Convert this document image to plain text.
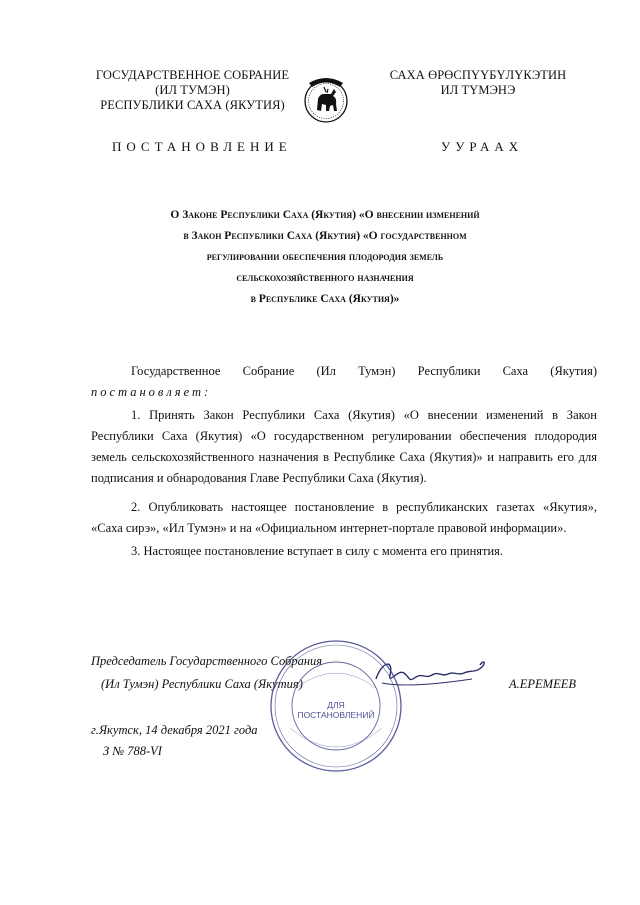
ГОСУДАРСТВЕННОЕ СОБРАНИЕ
(ИЛ ТУМЭН)
РЕСПУБЛИКИ САХА (ЯКУТИЯ)
САХА ӨРӨСПҮҮБҮЛҮКЭТИН
ИЛ ТҮМЭНЭ
ПОСТАНОВЛЕНИЕ	УУРААХ
О Законе Республики Саха (Якутия) «О внесении изменений
в Закон Республики Саха (Якутия) «О государственном
регулировании обеспечения плодородия земель
сельскохозяйственного назначения
в Республике Саха (Якутия)»
Государственное Собрание (Ил Тумэн) Республики Саха (Якутия)
постановляет:
1. Принять Закон Республики Саха (Якутия) «О внесении изменений в Закон Республики Саха (Якутия) «О государственном регулировании обеспечения плодородия земель сельскохозяйственного назначения в Республике Саха (Якутия)» и направить его для подписания и обнародования Главе Республики Саха (Якутия).
2. Опубликовать настоящее постановление в республиканских газетах «Якутия», «Саха сирэ», «Ил Тумэн» и на «Официальном интернет-портале правовой информации».
3. Настоящее постановление вступает в силу с момента его принятия.
Председатель Государственного Собрания
(Ил Тумэн) Республики Саха (Якутия)	А.ЕРЕМЕЕВ
ДЛЯ
ПОСТАНОВЛЕНИЙ
г.Якутск, 14 декабря 2021 года
З № 788-VI
